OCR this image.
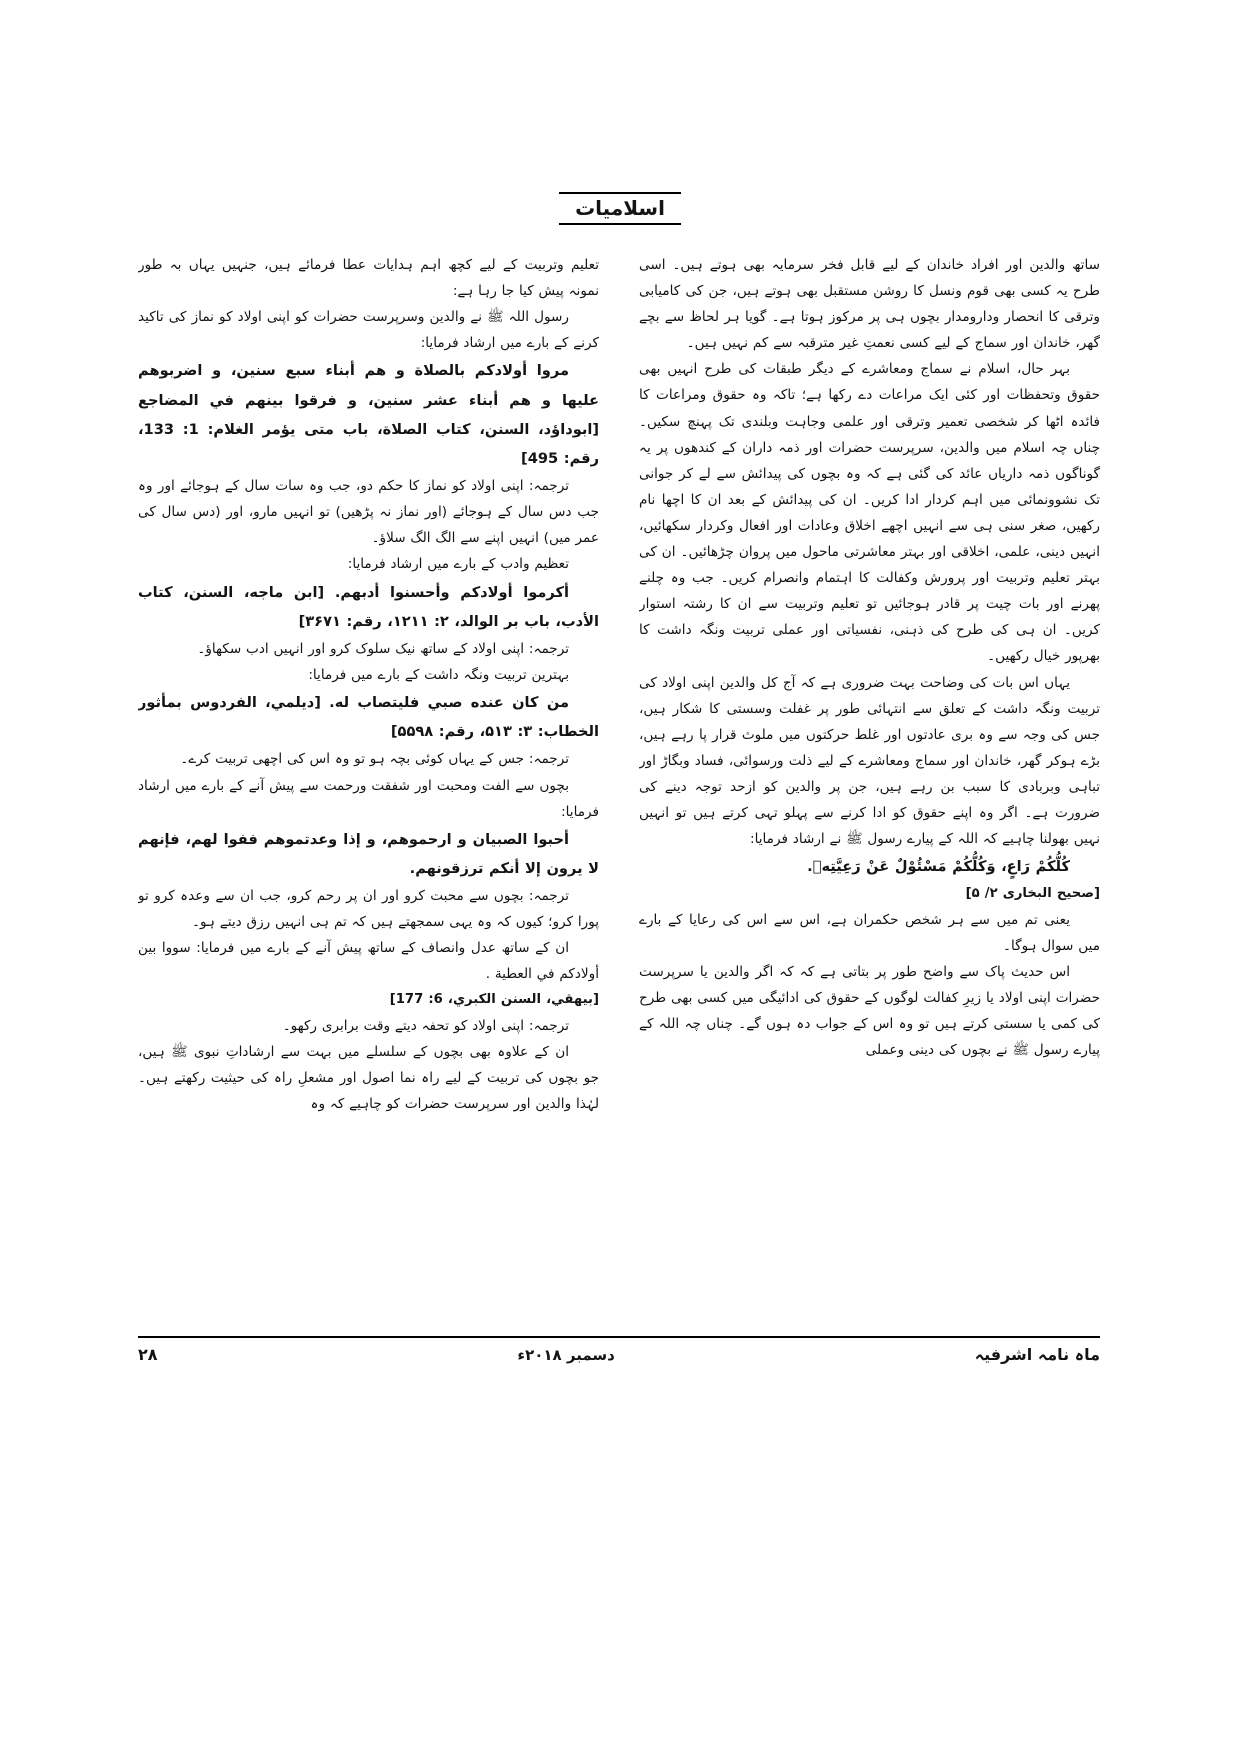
اسلامیات

ساتھ والدین اور افراد خاندان کے لیے قابل فخر سرمایہ بھی ہوتے ہیں۔ اسی طرح یہ کسی بھی قوم ونسل کا روشن مستقبل بھی ہوتے ہیں، جن کی کامیابی وترقی کا انحصار ودارومدار بچوں ہی پر مرکوز ہوتا ہے۔ گویا ہر لحاظ سے بچے گھر، خاندان اور سماج کے لیے کسی نعمتِ غیر مترقبہ سے کم نہیں ہیں۔

بہر حال، اسلام نے سماج ومعاشرے کے دیگر طبقات کی طرح انہیں بھی حقوق وتحفظات اور کئی ایک مراعات دے رکھا ہے؛ تاکہ وہ حقوق ومراعات کا فائدہ اٹھا کر شخصی تعمیر وترقی اور علمی وجاہت وبلندی تک پہنچ سکیں۔ چناں چہ اسلام میں والدین، سرپرست حضرات اور ذمہ داران کے کندھوں پر یہ گوناگوں ذمہ داریاں عائد کی گئی ہے کہ وہ بچوں کی پیدائش سے لے کر جوانی تک نشوونمائی میں اہم کردار ادا کریں۔ ان کی پیدائش کے بعد ان کا اچھا نام رکھیں، صغر سنی ہی سے انہیں اچھے اخلاق وعادات اور افعال وکردار سکھائیں، انہیں دینی، علمی، اخلاقی اور بہتر معاشرتی ماحول میں پروان چڑھائیں۔ ان کی بہتر تعلیم وتربیت اور پرورش وکفالت کا اہتمام وانصرام کریں۔ جب وہ چلنے پھرنے اور بات چیت پر قادر ہوجائیں تو تعلیم وتربیت سے ان کا رشتہ استوار کریں۔ ان ہی کی طرح کی ذہنی، نفسیاتی اور عملی تربیت ونگہ داشت کا بھرپور خیال رکھیں۔

یہاں اس بات کی وضاحت بہت ضروری ہے کہ آج کل والدین اپنی اولاد کی تربیت ونگہ داشت کے تعلق سے انتہائی طور پر غفلت وسستی کا شکار ہیں، جس کی وجہ سے وہ بری عادتوں اور غلط حرکتوں میں ملوث قرار پا رہے ہیں، بڑے ہوکر گھر، خاندان اور سماج ومعاشرے کے لیے ذلت ورسوائی، فساد وبگاڑ اور تباہی وبربادی کا سبب بن رہے ہیں، جن پر والدین کو ازحد توجہ دینے کی ضرورت ہے۔ اگر وہ اپنے حقوق کو ادا کرنے سے پہلو تہی کرتے ہیں تو انہیں نہیں بھولنا چاہیے کہ اللہ کے پیارے رسول ﷺ نے ارشاد فرمایا:

كُلُّكُمْ رَاعٍ، وَكُلُّكُمْ مَسْئُوْلٌ عَنْ رَعِيَّتِهٖ.

[صحیح البخاری ۲/ ۵]

یعنی تم میں سے ہر شخص حکمران ہے، اس سے اس کی رعایا کے بارے میں سوال ہوگا۔

اس حدیث پاک سے واضح طور پر بتاتی ہے کہ کہ اگر والدین یا سرپرست حضرات اپنی اولاد یا زیرِ کفالت لوگوں کے حقوق کی ادائیگی میں کسی بھی طرح کی کمی یا سستی کرتے ہیں تو وہ اس کے جواب دہ ہوں گے۔ چناں چہ اللہ کے پیارے رسول ﷺ نے بچوں کی دینی وعملی

تعلیم وتربیت کے لیے کچھ اہم ہدایات عطا فرمائے ہیں، جنہیں یہاں بہ طور نمونہ پیش کیا جا رہا ہے:

رسول اللہ ﷺ نے والدین وسرپرست حضرات کو اپنی اولاد کو نماز کی تاکید کرنے کے بارے میں ارشاد فرمایا:

مروا أولادكم بالصلاة و هم أبناء سبع سنين، و اضربوهم عليها و هم أبناء عشر سنين، و فرقوا بينهم في المضاجع [ابوداؤد، السنن، كتاب الصلاة، باب متى يؤمر الغلام: 1: 133، رقم: 495]

ترجمہ: اپنی اولاد کو نماز کا حکم دو، جب وہ سات سال کے ہوجائے اور وہ جب دس سال کے ہوجائے (اور نماز نہ پڑھیں) تو انہیں مارو، اور (دس سال کی عمر میں) انہیں اپنے سے الگ الگ سلاؤ۔

تعظیم وادب کے بارے میں ارشاد فرمایا:

أكرموا أولادكم وأحسنوا أدبهم. [ابن ماجه، السنن، كتاب الأدب، باب بر الوالد، ۲: ۱۲۱۱، رقم: ۳۶۷۱]

ترجمہ: اپنی اولاد کے ساتھ نیک سلوک کرو اور انہیں ادب سکھاؤ۔

بہترین تربیت ونگہ داشت کے بارے میں فرمایا:

من كان عنده صبي فليتصاب له. [دیلمي، الفردوس بمأثور الخطاب: ۳: ۵۱۳، رقم: ۵۵۹۸]

ترجمہ: جس کے یہاں کوئی بچہ ہو تو وہ اس کی اچھی تربیت کرے۔

بچوں سے الفت ومحبت اور شفقت ورحمت سے پیش آنے کے بارے میں ارشاد فرمایا:

أحبوا الصبيان و ارحموهم، و إذا وعدتموهم ففوا لهم، فإنهم لا يرون إلا أنكم ترزقونهم.

ترجمہ: بچوں سے محبت کرو اور ان پر رحم کرو، جب ان سے وعدہ کرو تو پورا کرو؛ کیوں کہ وہ یہی سمجھتے ہیں کہ تم ہی انہیں رزق دیتے ہو۔

ان کے ساتھ عدل وانصاف کے ساتھ پیش آنے کے بارے میں فرمایا: سووا بين أولادكم في العطية .

[بيهقي، السنن الكبري، 6: 177]

ترجمہ: اپنی اولاد کو تحفہ دیتے وقت برابری رکھو۔

ان کے علاوہ بھی بچوں کے سلسلے میں بہت سے ارشاداتِ نبوی ﷺ ہیں، جو بچوں کی تربیت کے لیے راہ نما اصول اور مشعلِ راہ کی حیثیت رکھتے ہیں۔ لہٰذا والدین اور سرپرست حضرات کو چاہیے کہ وہ

ماہ نامہ اشرفیہ
دسمبر ۲۰۱۸ء
۲۸
